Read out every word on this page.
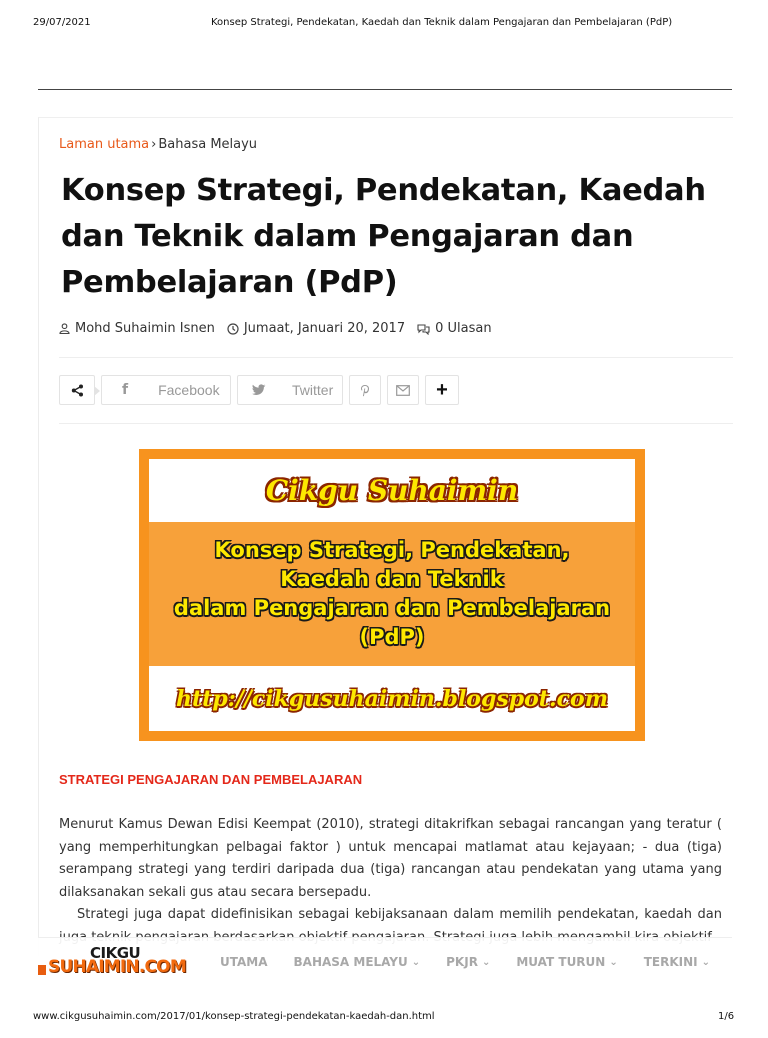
29/07/2021	Konsep Strategi, Pendekatan, Kaedah dan Teknik dalam Pengajaran dan Pembelajaran (PdP)
Laman utama › Bahasa Melayu
Konsep Strategi, Pendekatan, Kaedah
dan Teknik dalam Pengajaran dan
Pembelajaran (PdP)
Mohd Suhaimin Isnen Jumaat, Januari 20, 2017 0 Ulasan
f Facebook	Twitter	+
Cikgu Suhaimin
Konsep Strategi, Pendekatan,
Kaedah dan Teknik
dalam Pengajaran dan Pembelajaran
(PdP)
http://cikgusuhaimin.blogspot.com
STRATEGI PENGAJARAN DAN PEMBELAJARAN

Menurut Kamus Dewan Edisi Keempat (2010), strategi ditakrifkan sebagai rancangan yang teratur ( yang memperhitungkan pelbagai faktor ) untuk mencapai matlamat atau kejayaan; - dua (tiga) serampang strategi yang terdiri daripada dua (tiga) rancangan atau pendekatan yang utama yang dilaksanakan sekali gus atau secara bersepadu.

Strategi juga dapat didefinisikan sebagai kebijaksanaan dalam memilih pendekatan, kaedah dan

CIKGU
SUHAIMIN.COM	UTAMA BAHASA MELAYU ⌄ PKJR ⌄ MUAT TURUN ⌄ TERKINI ⌄
www.cikgusuhaimin.com/2017/01/konsep-strategi-pendekatan-kaedah-dan.html	1/6
